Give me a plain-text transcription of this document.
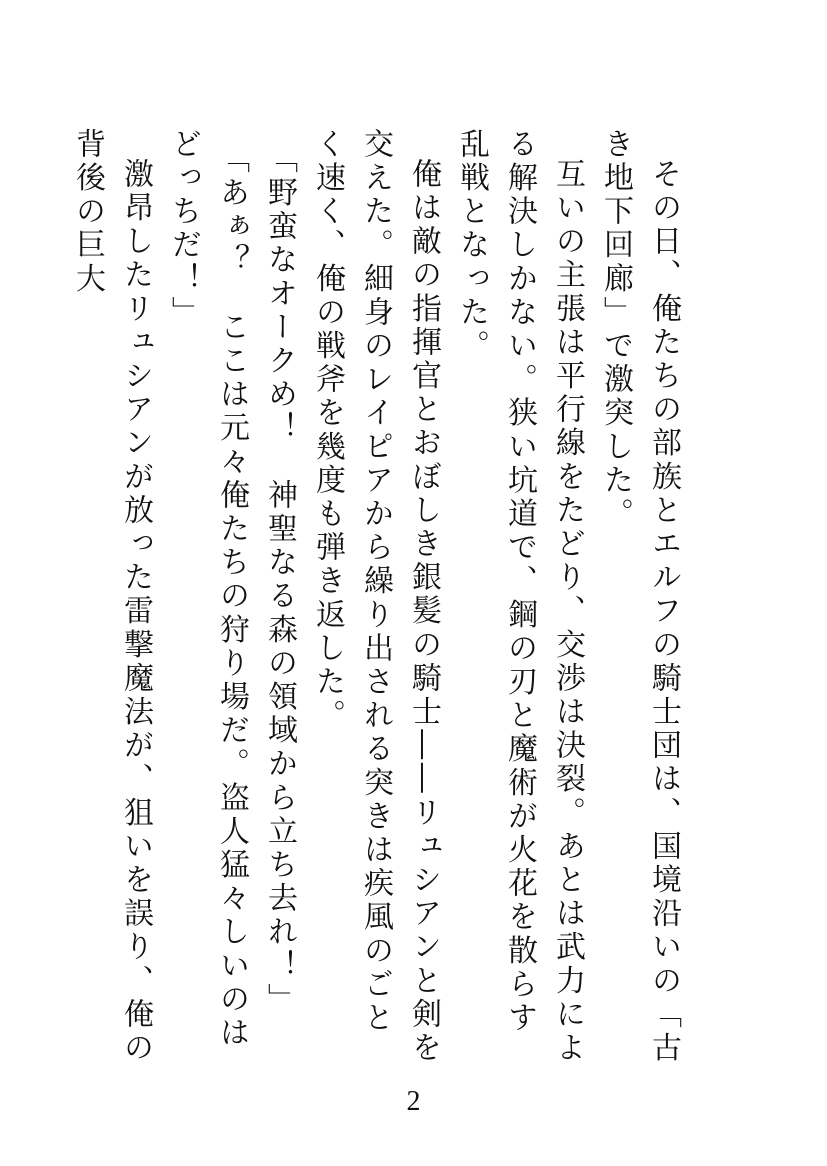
その日、俺たちの部族とエルフの騎士団は、国境沿いの「古き地下回廊」で激突した。

互いの主張は平行線をたどり、交渉は決裂。あとは武力による解決しかない。狭い坑道で、鋼の刃と魔術が火花を散らす乱戦となった。

俺は敵の指揮官とおぼしき銀髪の騎士――リュシアンと剣を交えた。細身のレイピアから繰り出される突きは疾風のごとく速く、俺の戦斧を幾度も弾き返した。

「野蛮なオークめ！　神聖なる森の領域から立ち去れ！」

「あぁ？　ここは元々俺たちの狩り場だ。盗人猛々しいのはどっちだ！」

激昂したリュシアンが放った雷撃魔法が、狙いを誤り、俺の背後の巨大

2
